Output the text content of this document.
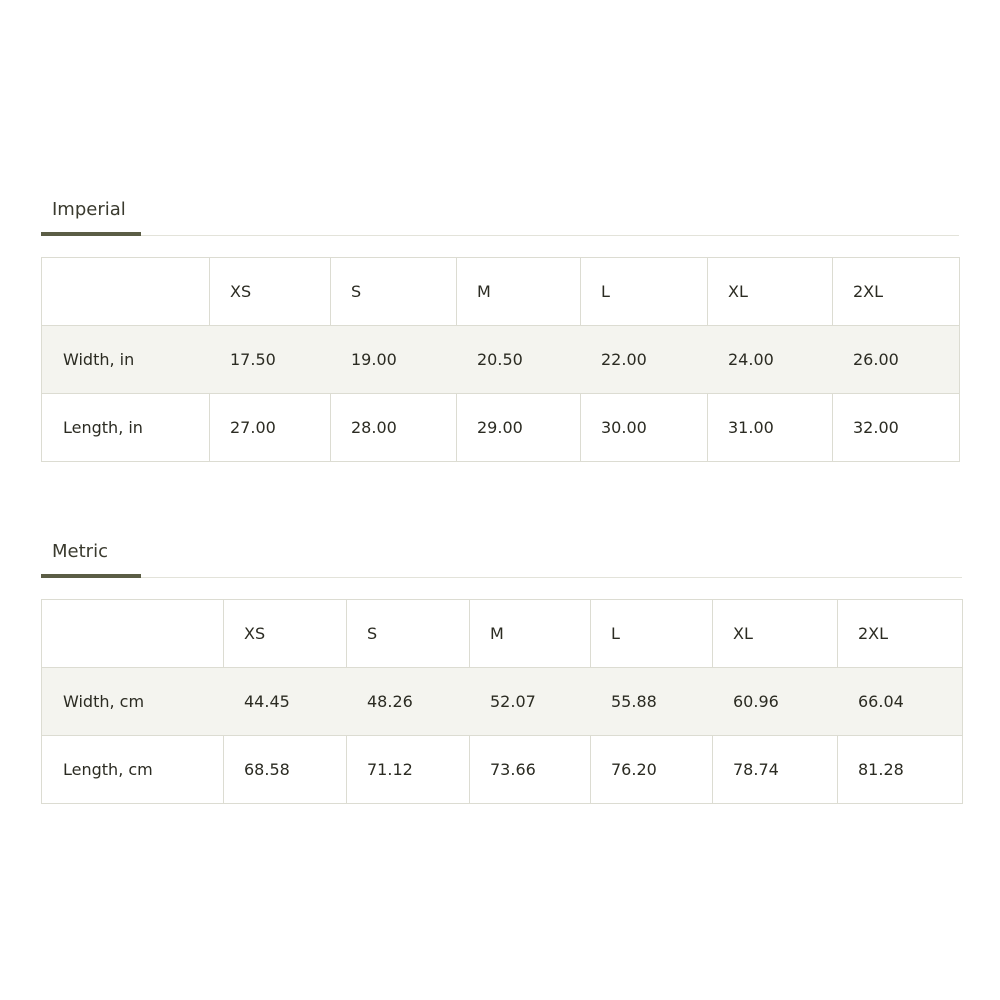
Imperial
	XS	S	M	L	XL	2XL
Width, in	17.50	19.00	20.50	22.00	24.00	26.00
Length, in	27.00	28.00	29.00	30.00	31.00	32.00
Metric
	XS	S	M	L	XL	2XL
Width, cm	44.45	48.26	52.07	55.88	60.96	66.04
Length, cm	68.58	71.12	73.66	76.20	78.74	81.28
